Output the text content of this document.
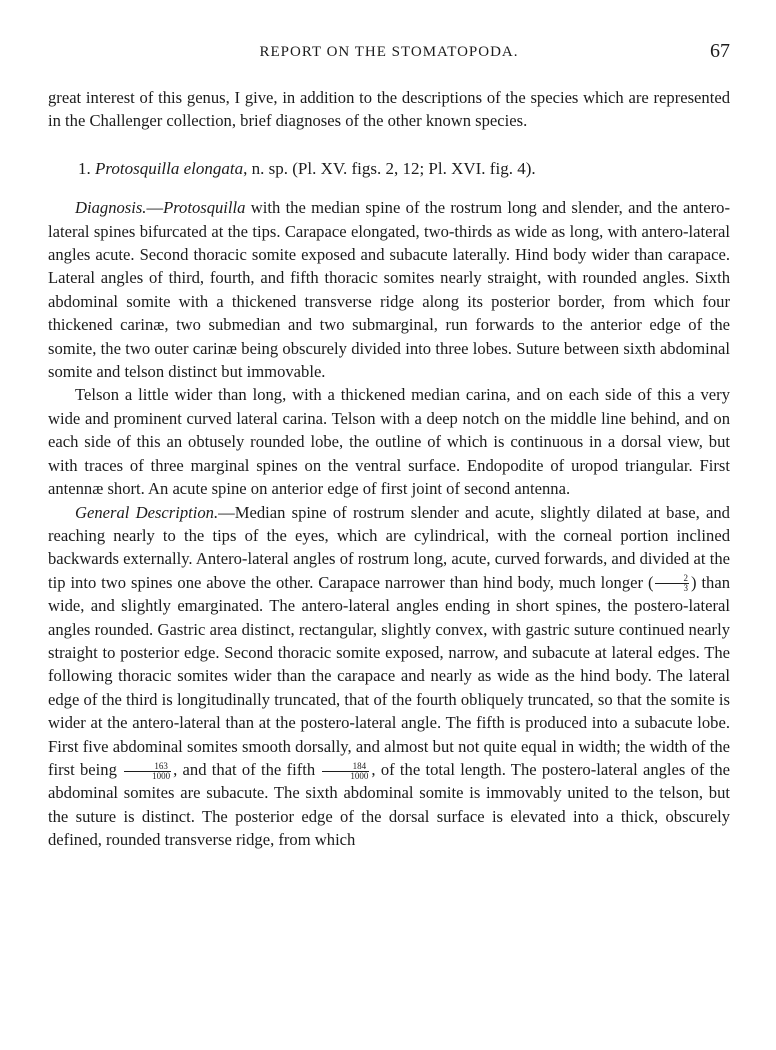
REPORT ON THE STOMATOPODA.	67

great interest of this genus, I give, in addition to the descriptions of the species which are represented in the Challenger collection, brief diagnoses of the other known species.

1. Protosquilla elongata, n. sp. (Pl. XV. figs. 2, 12; Pl. XVI. fig. 4).

Diagnosis.—Protosquilla with the median spine of the rostrum long and slender, and the antero-lateral spines bifurcated at the tips. Carapace elongated, two-thirds as wide as long, with antero-lateral angles acute. Second thoracic somite exposed and subacute laterally. Hind body wider than carapace. Lateral angles of third, fourth, and fifth thoracic somites nearly straight, with rounded angles. Sixth abdominal somite with a thickened transverse ridge along its posterior border, from which four thickened carinæ, two submedian and two submarginal, run forwards to the anterior edge of the somite, the two outer carinæ being obscurely divided into three lobes. Suture between sixth abdominal somite and telson distinct but immovable.

Telson a little wider than long, with a thickened median carina, and on each side of this a very wide and prominent curved lateral carina. Telson with a deep notch on the middle line behind, and on each side of this an obtusely rounded lobe, the outline of which is continuous in a dorsal view, but with traces of three marginal spines on the ventral surface. Endopodite of uropod triangular. First antennæ short. An acute spine on anterior edge of first joint of second antenna.

General Description.—Median spine of rostrum slender and acute, slightly dilated at base, and reaching nearly to the tips of the eyes, which are cylindrical, with the corneal portion inclined backwards externally. Antero-lateral angles of rostrum long, acute, curved forwards, and divided at the tip into two spines one above the other. Carapace narrower than hind body, much longer ( $\frac{2}{3}$ ) than wide, and slightly emarginated. The antero-lateral angles ending in short spines, the postero-lateral angles rounded. Gastric area distinct, rectangular, slightly convex, with gastric suture continued nearly straight to posterior edge. Second thoracic somite exposed, narrow, and subacute at lateral edges. The following thoracic somites wider than the carapace and nearly as wide as the hind body. The lateral edge of the third is longitudinally truncated, that of the fourth obliquely truncated, so that the somite is wider at the antero-lateral than at the postero-lateral angle. The fifth is produced into a subacute lobe. First five abdominal somites smooth dorsally, and almost but not quite equal in width; the width of the first being $\frac{163}{1000}$ , and that of the fifth $\frac{184}{1000}$ , of the total length. The postero-lateral angles of the abdominal somites are subacute. The sixth abdominal somite is immovably united to the telson, but the suture is distinct. The posterior edge of the dorsal surface is elevated into a thick, obscurely defined, rounded transverse ridge, from which
